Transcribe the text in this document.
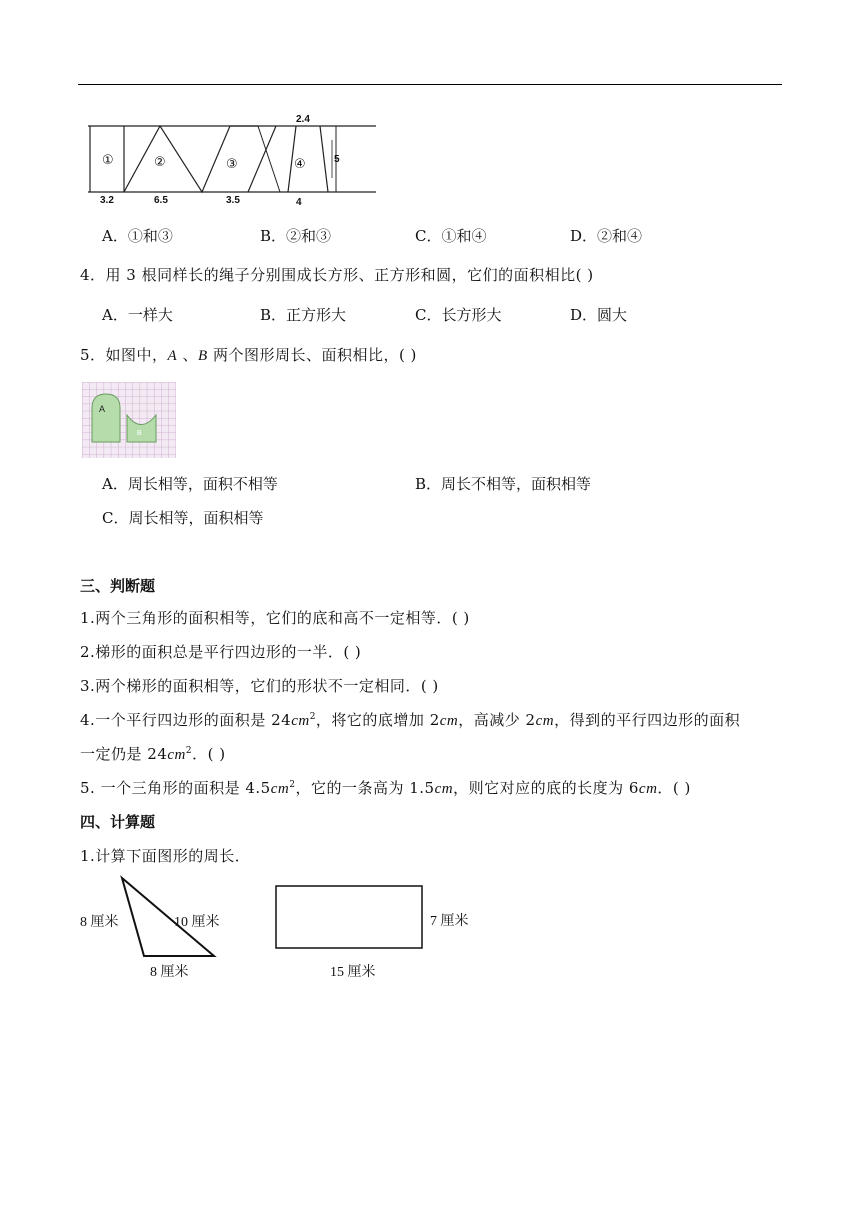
①	②	③	④
2.4
5
3.2	6.5	3.5	4
A．①和③	B．②和③	C．①和④	D．②和④
4．用 3 根同样长的绳子分别围成长方形、正方形和圆，它们的面积相比( )
A．一样大	B．正方形大	C．长方形大	D．圆大
5．如图中，A 、B 两个图形周长、面积相比，( )
A
B
A．周长相等，面积不相等	B．周长不相等，面积相等
C．周长相等，面积相等
三、判断题
1.两个三角形的面积相等，它们的底和高不一定相等．( )
2.梯形的面积总是平行四边形的一半．( )
3.两个梯形的面积相等，它们的形状不一定相同．( )
4.一个平行四边形的面积是 $24cm^2$，将它的底增加 2cm，高减少 2cm，得到的平行四边形的面积
一定仍是 $24cm^2$．( )
5. 一个三角形的面积是 $4.5cm^2$，它的一条高为 1.5cm，则它对应的底的长度为 6cm．( )
四、计算题
1.计算下面图形的周长．
8 厘米	10 厘米
8 厘米
7 厘米
15 厘米
